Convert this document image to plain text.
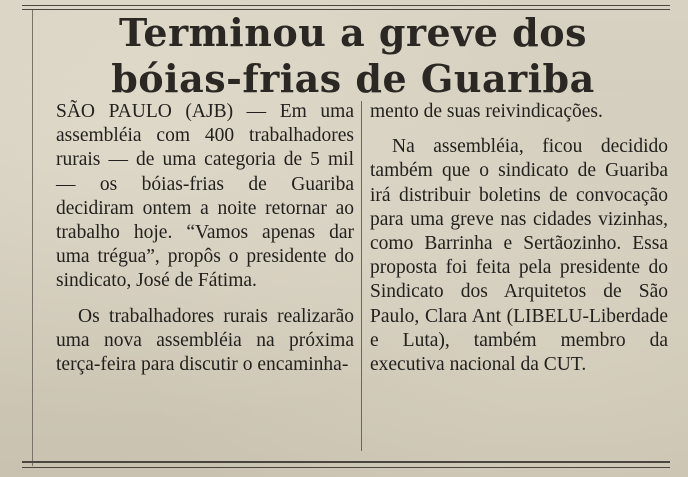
Terminou a greve dos
bóias-frias de Guariba

SÃO PAULO (AJB) — Em uma assembléia com 400 trabalhadores rurais — de uma categoria de 5 mil — os bóias-frias de Guariba decidiram ontem a noite retornar ao trabalho hoje. “Vamos apenas dar uma trégua”, propôs o presidente do sindicato, José de Fátima.

Os trabalhadores rurais realizarão uma nova assembléia na próxima terça-feira para discutir o encaminha-

mento de suas reivindicações.

Na assembléia, ficou decidido também que o sindicato de Guariba irá distribuir boletins de convocação para uma greve nas cidades vizinhas, como Barrinha e Sertãozinho. Essa proposta foi feita pela presidente do Sindicato dos Arquitetos de São Paulo, Clara Ant (LIBELU-Liberdade e Luta), também membro da executiva nacional da CUT.
